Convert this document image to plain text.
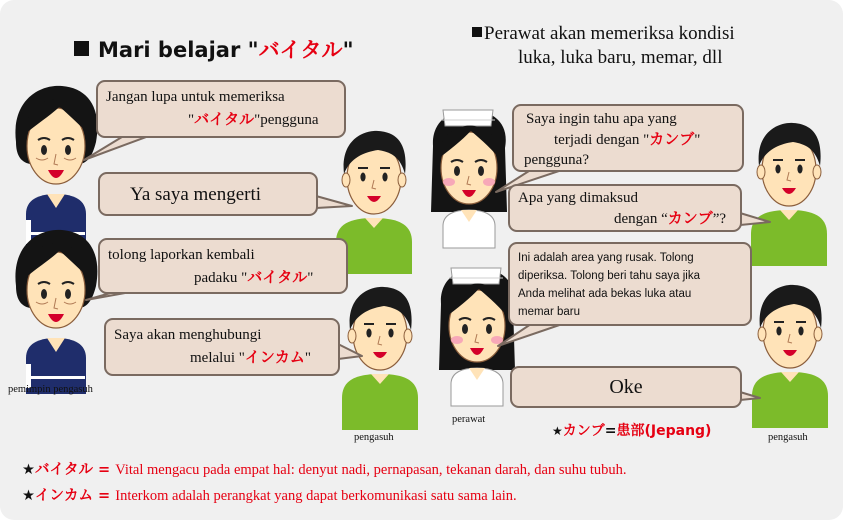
Mari belajar "バイタル"
Perawat akan memeriksa kondisi
luka, luka baru, memar, dll
Jangan lupa untuk memeriksa
"バイタル"pengguna
Ya saya mengerti
tolong laporkan kembali
padaku "バイタル"
Saya akan menghubungi
melalui "インカム"
Saya ingin tahu apa yang
terjadi dengan "カンブ"
pengguna?
Apa yang dimaksud
dengan “カンブ”?
Ini adalah area yang rusak. Tolong
diperiksa. Tolong beri tahu saya jika
Anda melihat ada bekas luka atau
memar baru
Oke
pemimpin pengasuh
pengasuh
perawat
pengasuh
★カンブ=患部(Jepang)
★バイタル = Vital mengacu pada empat hal: denyut nadi, pernapasan, tekanan darah, dan suhu tubuh.
★インカム = Interkom adalah perangkat yang dapat berkomunikasi satu sama lain.
